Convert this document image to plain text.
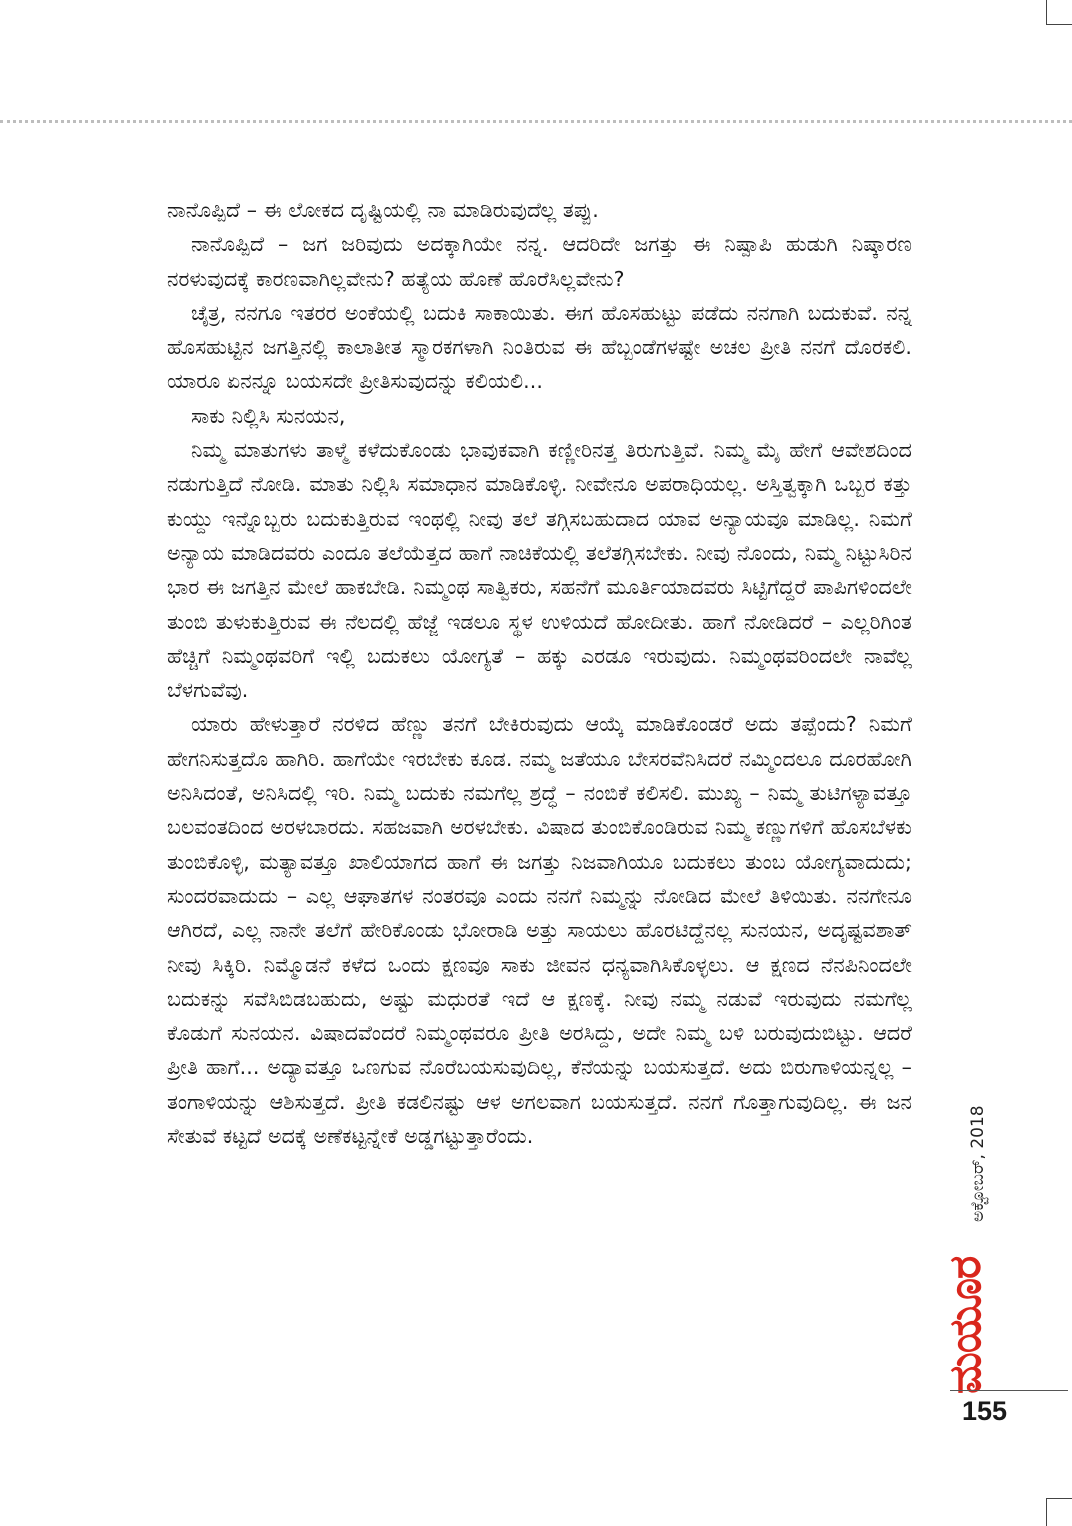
ನಾನೊಪ್ಪಿದೆ – ಈ ಲೋಕದ ದೃಷ್ಟಿಯಲ್ಲಿ ನಾ ಮಾಡಿರುವುದೆಲ್ಲ ತಪ್ಪು.

ನಾನೊಪ್ಪಿದೆ – ಜಗ ಜರಿವುದು ಅದಕ್ಕಾಗಿಯೇ ನನ್ನ. ಆದರಿದೇ ಜಗತ್ತು ಈ ನಿಷ್ಪಾಪಿ ಹುಡುಗಿ ನಿಷ್ಕಾರಣ ನರಳುವುದಕ್ಕೆ ಕಾರಣವಾಗಿಲ್ಲವೇನು? ಹತ್ಯೆಯ ಹೊಣೆ ಹೊರೆಸಿಲ್ಲವೇನು?

ಚೈತ್ರ, ನನಗೂ ಇತರರ ಅಂಕೆಯಲ್ಲಿ ಬದುಕಿ ಸಾಕಾಯಿತು. ಈಗ ಹೊಸಹುಟ್ಟು ಪಡೆದು ನನಗಾಗಿ ಬದುಕುವೆ. ನನ್ನ ಹೊಸಹುಟ್ಟಿನ ಜಗತ್ತಿನಲ್ಲಿ ಕಾಲಾತೀತ ಸ್ಮಾರಕಗಳಾಗಿ ನಿಂತಿರುವ ಈ ಹೆಬ್ಬಂಡೆಗಳಷ್ಟೇ ಅಚಲ ಪ್ರೀತಿ ನನಗೆ ದೊರಕಲಿ. ಯಾರೂ ಏನನ್ನೂ ಬಯಸದೇ ಪ್ರೀತಿಸುವುದನ್ನು ಕಲಿಯಲಿ...

ಸಾಕು ನಿಲ್ಲಿಸಿ ಸುನಯನ,

ನಿಮ್ಮ ಮಾತುಗಳು ತಾಳ್ಮೆ ಕಳೆದುಕೊಂಡು ಭಾವುಕವಾಗಿ ಕಣ್ಣೀರಿನತ್ತ ತಿರುಗುತ್ತಿವೆ. ನಿಮ್ಮ ಮೈ ಹೇಗೆ ಆವೇಶದಿಂದ ನಡುಗುತ್ತಿದೆ ನೋಡಿ. ಮಾತು ನಿಲ್ಲಿಸಿ ಸಮಾಧಾನ ಮಾಡಿಕೊಳ್ಳಿ. ನೀವೇನೂ ಅಪರಾಧಿಯಲ್ಲ. ಅಸ್ತಿತ್ವಕ್ಕಾಗಿ ಒಬ್ಬರ ಕತ್ತು ಕುಯ್ದು ಇನ್ನೊಬ್ಬರು ಬದುಕುತ್ತಿರುವ ಇಂಥಲ್ಲಿ ನೀವು ತಲೆ ತಗ್ಗಿಸಬಹುದಾದ ಯಾವ ಅನ್ಯಾಯವೂ ಮಾಡಿಲ್ಲ. ನಿಮಗೆ ಅನ್ಯಾಯ ಮಾಡಿದವರು ಎಂದೂ ತಲೆಯೆತ್ತದ ಹಾಗೆ ನಾಚಿಕೆಯಲ್ಲಿ ತಲೆತಗ್ಗಿಸಬೇಕು. ನೀವು ನೊಂದು, ನಿಮ್ಮ ನಿಟ್ಟುಸಿರಿನ ಭಾರ ಈ ಜಗತ್ತಿನ ಮೇಲೆ ಹಾಕಬೇಡಿ. ನಿಮ್ಮಂಥ ಸಾತ್ವಿಕರು, ಸಹನೆಗೆ ಮೂರ್ತಿಯಾದವರು ಸಿಟ್ಟಿಗೆದ್ದರೆ ಪಾಪಿಗಳಿಂದಲೇ ತುಂಬಿ ತುಳುಕುತ್ತಿರುವ ಈ ನೆಲದಲ್ಲಿ ಹೆಜ್ಜೆ ಇಡಲೂ ಸ್ಥಳ ಉಳಿಯದೆ ಹೋದೀತು. ಹಾಗೆ ನೋಡಿದರೆ – ಎಲ್ಲರಿಗಿಂತ ಹೆಚ್ಚಿಗೆ ನಿಮ್ಮಂಥವರಿಗೆ ಇಲ್ಲಿ ಬದುಕಲು ಯೋಗ್ಯತೆ – ಹಕ್ಕು ಎರಡೂ ಇರುವುದು. ನಿಮ್ಮಂಥವರಿಂದಲೇ ನಾವೆಲ್ಲ ಬೆಳಗುವೆವು.

ಯಾರು ಹೇಳುತ್ತಾರೆ ನರಳಿದ ಹೆಣ್ಣು ತನಗೆ ಬೇಕಿರುವುದು ಆಯ್ಕೆ ಮಾಡಿಕೊಂಡರೆ ಅದು ತಪ್ಪೆಂದು? ನಿಮಗೆ ಹೇಗನಿಸುತ್ತದೊ ಹಾಗಿರಿ. ಹಾಗೆಯೇ ಇರಬೇಕು ಕೂಡ. ನಮ್ಮ ಜತೆಯೂ ಬೇಸರವೆನಿಸಿದರೆ ನಮ್ಮಿಂದಲೂ ದೂರಹೋಗಿ ಅನಿಸಿದಂತೆ, ಅನಿಸಿದಲ್ಲಿ ಇರಿ. ನಿಮ್ಮ ಬದುಕು ನಮಗೆಲ್ಲ ಶ್ರದ್ಧೆ – ನಂಬಿಕೆ ಕಲಿಸಲಿ. ಮುಖ್ಯ – ನಿಮ್ಮ ತುಟಿಗಳ್ಯಾವತ್ತೂ ಬಲವಂತದಿಂದ ಅರಳಬಾರದು. ಸಹಜವಾಗಿ ಅರಳಬೇಕು. ವಿಷಾದ ತುಂಬಿಕೊಂಡಿರುವ ನಿಮ್ಮ ಕಣ್ಣುಗಳಿಗೆ ಹೊಸಬೆಳಕು ತುಂಬಿಕೊಳ್ಳಿ, ಮತ್ಯಾವತ್ತೂ ಖಾಲಿಯಾಗದ ಹಾಗೆ ಈ ಜಗತ್ತು ನಿಜವಾಗಿಯೂ ಬದುಕಲು ತುಂಬ ಯೋಗ್ಯವಾದುದು; ಸುಂದರವಾದುದು – ಎಲ್ಲ ಆಘಾತಗಳ ನಂತರವೂ ಎಂದು ನನಗೆ ನಿಮ್ಮನ್ನು ನೋಡಿದ ಮೇಲೆ ತಿಳಿಯಿತು. ನನಗೇನೂ ಆಗಿರದೆ, ಎಲ್ಲ ನಾನೇ ತಲೆಗೆ ಹೇರಿಕೊಂಡು ಭೋರಾಡಿ ಅತ್ತು ಸಾಯಲು ಹೊರಟಿದ್ದೆನಲ್ಲ ಸುನಯನ, ಅದೃಷ್ಟವಶಾತ್ ನೀವು ಸಿಕ್ಕಿರಿ. ನಿಮ್ಮೊಡನೆ ಕಳೆದ ಒಂದು ಕ್ಷಣವೂ ಸಾಕು ಜೀವನ ಧನ್ಯವಾಗಿಸಿಕೊಳ್ಳಲು. ಆ ಕ್ಷಣದ ನೆನಪಿನಿಂದಲೇ ಬದುಕನ್ನು ಸವೆಸಿಬಿಡಬಹುದು, ಅಷ್ಟು ಮಧುರತೆ ಇದೆ ಆ ಕ್ಷಣಕ್ಕೆ. ನೀವು ನಮ್ಮ ನಡುವೆ ಇರುವುದು ನಮಗೆಲ್ಲ ಕೊಡುಗೆ ಸುನಯನ. ವಿಷಾದವೆಂದರೆ ನಿಮ್ಮಂಥವರೂ ಪ್ರೀತಿ ಅರಸಿದ್ದು, ಅದೇ ನಿಮ್ಮ ಬಳಿ ಬರುವುದುಬಿಟ್ಟು. ಆದರೆ ಪ್ರೀತಿ ಹಾಗೆ... ಅದ್ಯಾವತ್ತೂ ಒಣಗುವ ನೊರೆಬಯಸುವುದಿಲ್ಲ, ಕೆನೆಯನ್ನು ಬಯಸುತ್ತದೆ. ಅದು ಬಿರುಗಾಳಿಯನ್ನಲ್ಲ – ತಂಗಾಳಿಯನ್ನು ಆಶಿಸುತ್ತದೆ. ಪ್ರೀತಿ ಕಡಲಿನಷ್ಟು ಆಳ ಅಗಲವಾಗ ಬಯಸುತ್ತದೆ. ನನಗೆ ಗೊತ್ತಾಗುವುದಿಲ್ಲ. ಈ ಜನ ಸೇತುವೆ ಕಟ್ಟದೆ ಅದಕ್ಕೆ ಅಣೆಕಟ್ಟನ್ನೇಕೆ ಅಡ್ಡಗಟ್ಟುತ್ತಾರೆಂದು.

ಮಯೂರ
ಅಕ್ಟೋಬರ್, 2018
155
